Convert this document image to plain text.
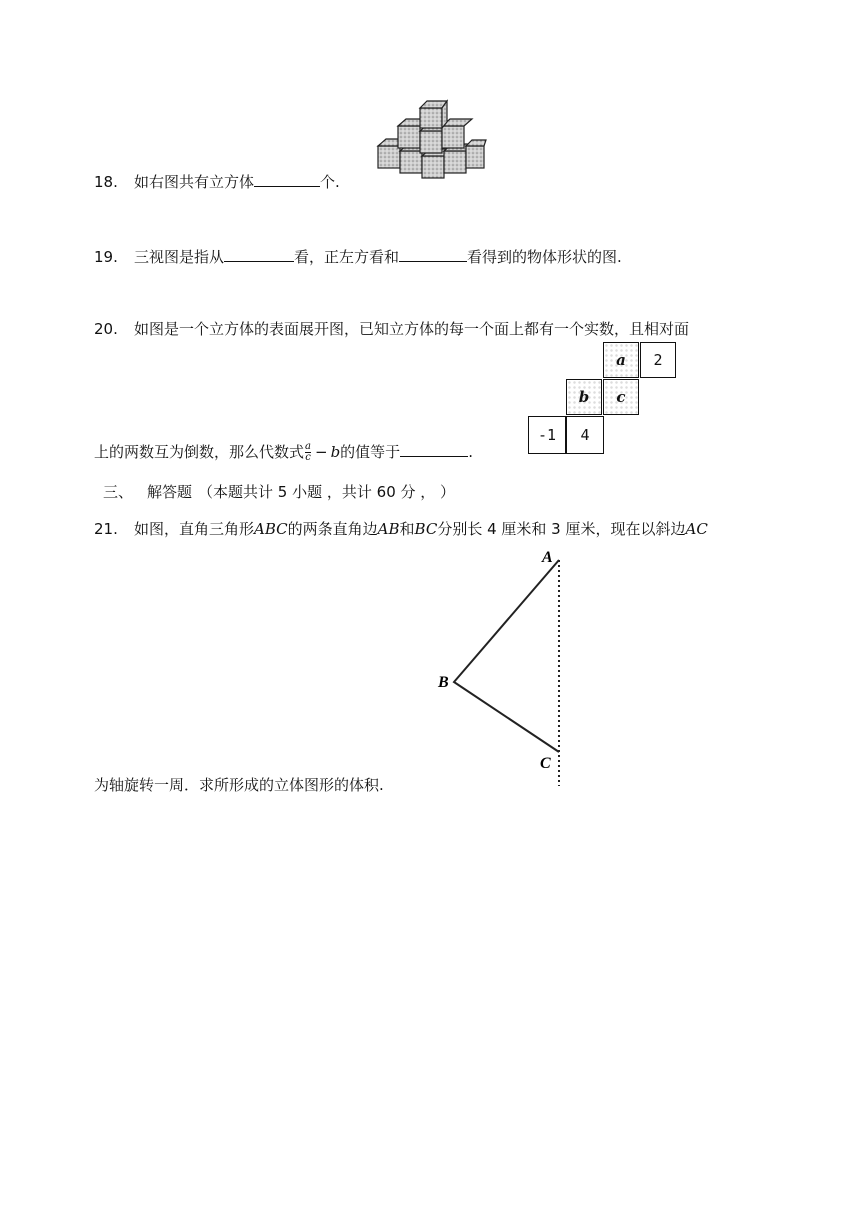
18. 如右图共有立方体	个.
19. 三视图是指从	看，正左方看和	看得到的物体形状的图.
20. 如图是一个立方体的表面展开图，已知立方体的每一个面上都有一个实数，且相对面
a 2
b c
-1 4
上的两数互为倒数，那么代数式 $\frac{a}{c} - b$的值等于	.
三、 解答题 （本题共计 5 小题 ，共计 60 分 ， ）
21. 如图，直角三角形ABC的两条直角边AB和BC分别长 4 厘米和 3 厘米，现在以斜边AC
A
B
C
为轴旋转一周．求所形成的立体图形的体积.
